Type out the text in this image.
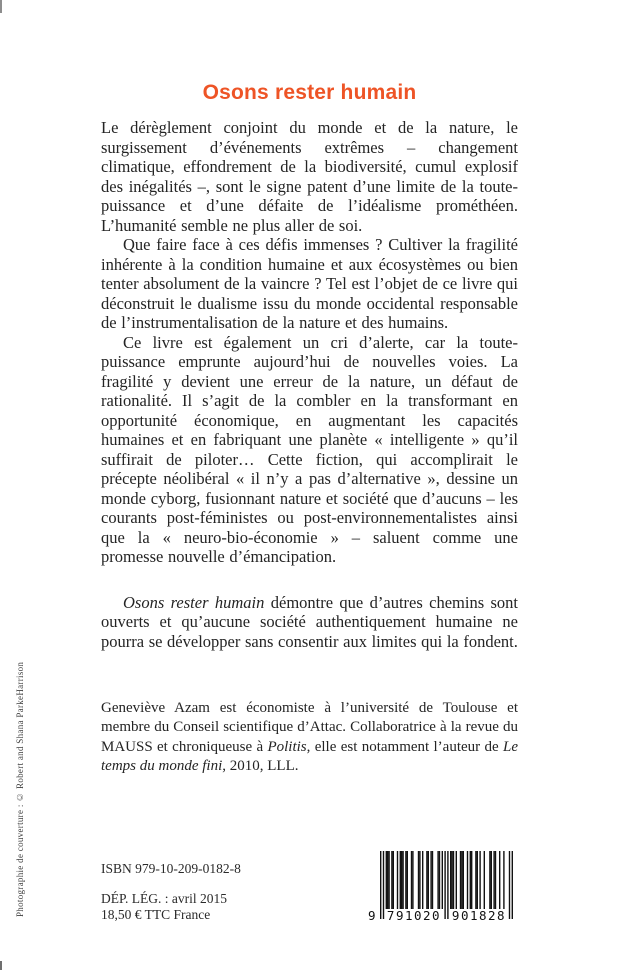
Photographie de couverture : © Robert and Shana ParkeHarrison
Osons rester humain

Le dérèglement conjoint du monde et de la nature, le surgissement d’événements extrêmes – changement climatique, effondrement de la biodiversité, cumul explosif des inégalités –, sont le signe patent d’une limite de la toute-puissance et d’une défaite de l’idéalisme prométhéen. L’humanité semble ne plus aller de soi.

Que faire face à ces défis immenses ? Cultiver la fragilité inhérente à la condition humaine et aux écosystèmes ou bien tenter absolument de la vaincre ? Tel est l’objet de ce livre qui déconstruit le dualisme issu du monde occidental responsable de l’instrumentalisation de la nature et des humains.

Ce livre est également un cri d’alerte, car la toute-puissance emprunte aujourd’hui de nouvelles voies. La fragilité y devient une erreur de la nature, un défaut de rationalité. Il s’agit de la combler en la transformant en opportunité économique, en augmentant les capacités humaines et en fabriquant une planète « intelligente » qu’il suffirait de piloter… Cette fiction, qui accomplirait le précepte néolibéral « il n’y a pas d’alternative », dessine un monde cyborg, fusionnant nature et société que d’aucuns – les courants post-féministes ou post-environnementalistes ainsi que la « neuro-bio-économie » – saluent comme une promesse nouvelle d’émancipation.

Osons rester humain démontre que d’autres chemins sont ouverts et qu’aucune société authentiquement humaine ne pourra se développer sans consentir aux limites qui la fondent.

Geneviève Azam est économiste à l’université de Toulouse et membre du Conseil scientifique d’Attac. Collaboratrice à la revue du MAUSS et chroniqueuse à Politis, elle est notamment l’auteur de Le temps du monde fini, 2010, LLL.

ISBN 979-10-209-0182-8
DÉP. LÉG. : avril 2015
18,50 € TTC France	9 791020 901828
